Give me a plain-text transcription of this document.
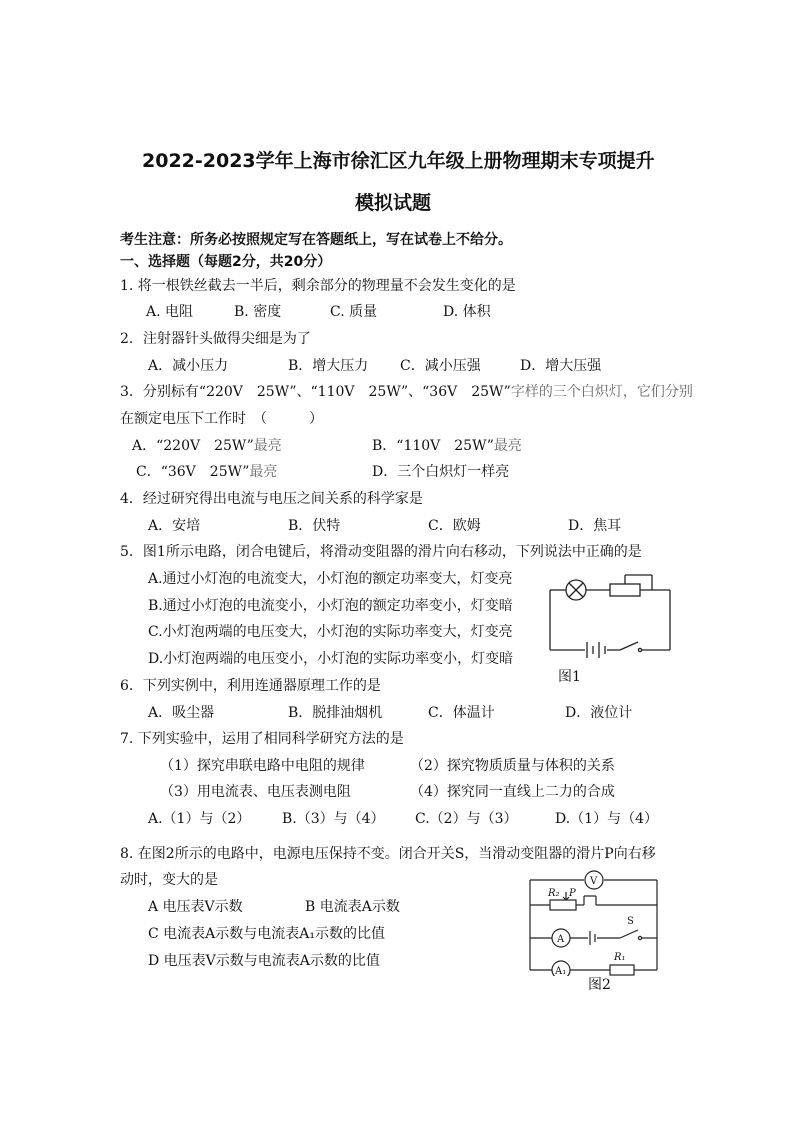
2022-2023学年上海市徐汇区九年级上册物理期末专项提升
模拟试题
考生注意：所务必按照规定写在答题纸上，写在试卷上不给分。
一、选择题（每题2分，共20分）
1. 将一根铁丝截去一半后，剩余部分的物理量不会发生变化的是
A. 电阻	B. 密度	C. 质量	D. 体积
2．注射器针头做得尖细是为了
A．减小压力	B．增大压力 C．减小压强	D．增大压强
3．分别标有“220V　25W”、“110V　25W”、“36V　25W”字样的三个白炽灯，它们分别
在额定电压下工作时　（　　　）
A．“220V　25W”最亮	B．“110V　25W”最亮
C．“36V　25W”最亮	D．三个白炽灯一样亮
4．经过研究得出电流与电压之间关系的科学家是
A．安培	B．伏特	C．欧姆	D．焦耳
5．图1所示电路，闭合电键后，将滑动变阻器的滑片向右移动，下列说法中正确的是
A.通过小灯泡的电流变大，小灯泡的额定功率变大，灯变亮
B.通过小灯泡的电流变小，小灯泡的额定功率变小，灯变暗
C.小灯泡两端的电压变大，小灯泡的实际功率变大，灯变亮
D.小灯泡两端的电压变小，小灯泡的实际功率变小，灯变暗
图1
6．下列实例中，利用连通器原理工作的是
A．吸尘器	B．脱排油烟机	C．体温计	D．液位计
7. 下列实验中，运用了相同科学研究方法的是
（1）探究串联电路中电阻的规律	（2）探究物质质量与体积的关系
（3）用电流表、电压表测电阻	（4）探究同一直线上二力的合成
A.（1）与（2） B.（3）与（4） C.（2）与（3）	D.（1）与（4）
8. 在图2所示的电路中，电源电压保持不变。闭合开关S，当滑动变阻器的滑片P向右移
动时，变大的是
A 电压表V示数	B 电流表A示数
C 电流表A示数与电流表A₁示数的比值
D 电压表V示数与电流表A示数的比值
V
R₂ P
S
A
R₁
A₁
图2
